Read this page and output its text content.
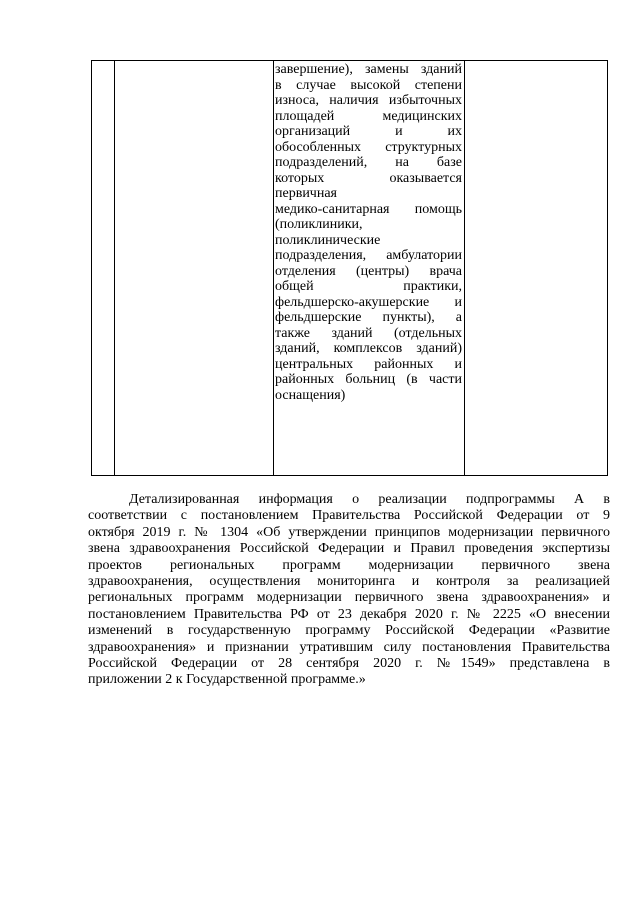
завершение), замены зданий
в случае высокой степени
износа, наличия избыточных
площадей медицинских
организаций и их
обособленных структурных
подразделений, на базе
которых оказывается
первичная
медико-санитарная помощь
(поликлиники,
поликлинические
подразделения, амбулатории
отделения (центры) врача
общей практики,
фельдшерско-акушерские и
фельдшерские пункты), а
также зданий (отдельных
зданий, комплексов зданий)
центральных районных и
районных больниц (в части
оснащения)

Детализированная информация о реализации подпрограммы А в
соответствии с постановлением Правительства Российской Федерации от 9
октября 2019 г. № 1304 «Об утверждении принципов модернизации первичного
звена здравоохранения Российской Федерации и Правил проведения экспертизы
проектов региональных программ модернизации первичного звена
здравоохранения, осуществления мониторинга и контроля за реализацией
региональных программ модернизации первичного звена здравоохранения» и
постановлением Правительства РФ от 23 декабря 2020 г. № 2225 «О внесении
изменений в государственную программу Российской Федерации «Развитие
здравоохранения» и признании утратившим силу постановления Правительства
Российской Федерации от 28 сентября 2020 г. №1549» представлена в
приложении 2 к Государственной программе.»
